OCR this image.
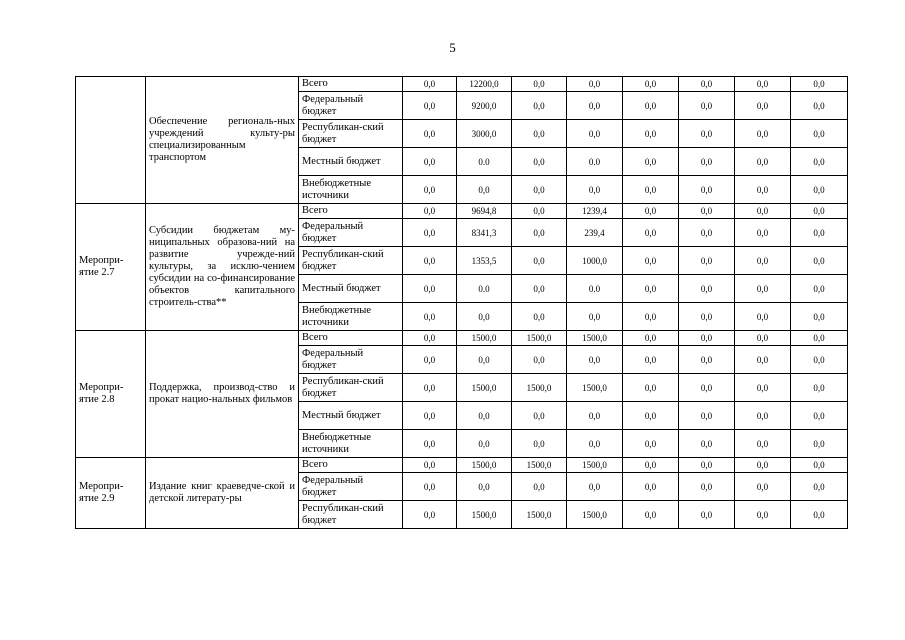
5
	Обеспечение региональ-ных учреждений культу-ры специализированным транспортом	Всего	0,0	12200,0	0,0	0,0	0,0	0,0	0,0	0,0
		Федеральный бюджет	0,0	9200,0	0,0	0,0	0,0	0,0	0,0	0,0
		Республикан-ский бюджет	0,0	3000,0	0,0	0,0	0,0	0,0	0,0	0,0
		Местный бюджет	0,0	0.0	0,0	0.0	0,0	0,0	0,0	0,0
		Внебюджетные источники	0,0	0,0	0,0	0,0	0,0	0,0	0,0	0,0
Меропри-ятие 2.7	Субсидии бюджетам му-ниципальных образова-ний на развитие учрежде-ний культуры, за исклю-чением субсидии на со-финансирование объектов капитального строитель-ства**	Всего	0,0	9694,8	0,0	1239,4	0,0	0,0	0,0	0,0
		Федеральный бюджет	0,0	8341,3	0,0	239,4	0,0	0,0	0,0	0,0
		Республикан-ский бюджет	0,0	1353,5	0,0	1000,0	0,0	0,0	0,0	0,0
		Местный бюджет	0,0	0.0	0,0	0.0	0,0	0,0	0,0	0,0
		Внебюджетные источники	0,0	0,0	0,0	0,0	0,0	0,0	0,0	0,0
Меропри-ятие 2.8	Поддержка, производ-ство и прокат нацио-нальных фильмов	Всего	0,0	1500,0	1500,0	1500,0	0,0	0,0	0,0	0,0
		Федеральный бюджет	0,0	0,0	0,0	0,0	0,0	0,0	0,0	0,0
		Республикан-ский бюджет	0,0	1500,0	1500,0	1500,0	0,0	0,0	0,0	0,0
		Местный бюджет	0,0	0,0	0,0	0,0	0,0	0,0	0,0	0,0
		Внебюджетные источники	0,0	0,0	0,0	0,0	0,0	0,0	0,0	0,0
Меропри-ятие 2.9	Издание книг краеведче-ской и детской литерату-ры	Всего	0,0	1500,0	1500,0	1500,0	0,0	0,0	0,0	0,0
		Федеральный бюджет	0,0	0,0	0,0	0,0	0,0	0,0	0,0	0,0
		Республикан-ский бюджет	0,0	1500,0	1500,0	1500,0	0,0	0,0	0,0	0,0
